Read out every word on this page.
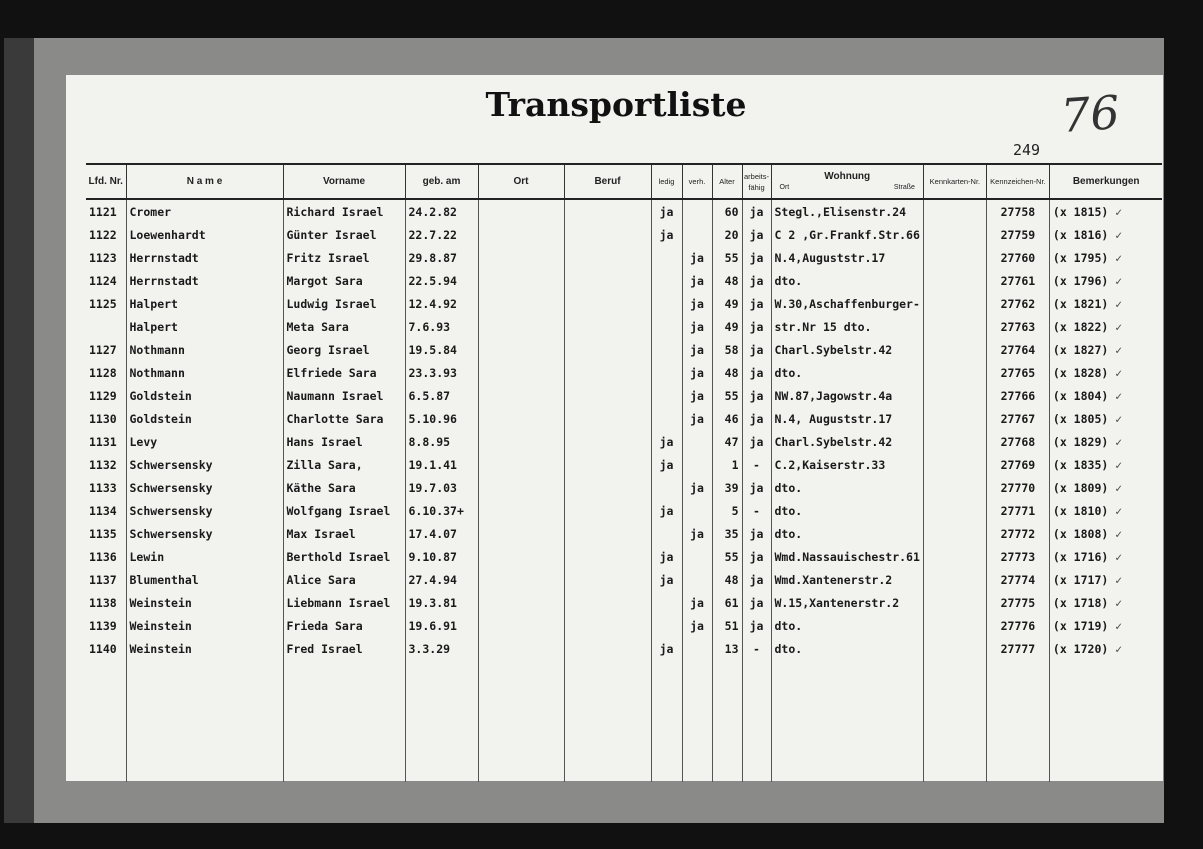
Transportliste	76
249
Lfd. Nr.	N a m e	Vorname	geb. am	Ort	Beruf	ledig	verh.	Alter	arbeits-fähig	Wohnung
Ort Straße	Kennkarten-Nr.	Kennzeichen-Nr.	Bemerkungen
1121	Cromer	Richard Israel	24.2.82			ja		60	ja	Stegl.,Elisenstr.24		27758	(x 1815) ✓
1122	Loewenhardt	Günter Israel	22.7.22			ja		20	ja	C 2 ,Gr.Frankf.Str.66		27759	(x 1816) ✓
1123	Herrnstadt	Fritz Israel	29.8.87				ja	55	ja	N.4,Auguststr.17		27760	(x 1795) ✓
1124	Herrnstadt	Margot Sara	22.5.94				ja	48	ja	dto.		27761	(x 1796) ✓
1125	Halpert	Ludwig Israel	12.4.92				ja	49	ja	W.30,Aschaffenburger-		27762	(x 1821) ✓
	Halpert	Meta Sara	7.6.93				ja	49	ja	str.Nr 15 dto.		27763	(x 1822) ✓
1127	Nothmann	Georg Israel	19.5.84				ja	58	ja	Charl.Sybelstr.42		27764	(x 1827) ✓
1128	Nothmann	Elfriede Sara	23.3.93				ja	48	ja	dto.		27765	(x 1828) ✓
1129	Goldstein	Naumann Israel	6.5.87				ja	55	ja	NW.87,Jagowstr.4a		27766	(x 1804) ✓
1130	Goldstein	Charlotte Sara	5.10.96				ja	46	ja	N.4, Auguststr.17		27767	(x 1805) ✓
1131	Levy	Hans Israel	8.8.95			ja		47	ja	Charl.Sybelstr.42		27768	(x 1829) ✓
1132	Schwersensky	Zilla Sara,	19.1.41			ja		1	-	C.2,Kaiserstr.33		27769	(x 1835) ✓
1133	Schwersensky	Käthe Sara	19.7.03				ja	39	ja	dto.		27770	(x 1809) ✓
1134	Schwersensky	Wolfgang Israel	6.10.37+			ja		5	-	dto.		27771	(x 1810) ✓
1135	Schwersensky	Max Israel	17.4.07				ja	35	ja	dto.		27772	(x 1808) ✓
1136	Lewin	Berthold Israel	9.10.87			ja		55	ja	Wmd.Nassauischestr.61		27773	(x 1716) ✓
1137	Blumenthal	Alice Sara	27.4.94			ja		48	ja	Wmd.Xantenerstr.2		27774	(x 1717) ✓
1138	Weinstein	Liebmann Israel	19.3.81				ja	61	ja	W.15,Xantenerstr.2		27775	(x 1718) ✓
1139	Weinstein	Frieda Sara	19.6.91				ja	51	ja	dto.		27776	(x 1719) ✓
1140	Weinstein	Fred Israel	3.3.29			ja		13	-	dto.		27777	(x 1720) ✓
